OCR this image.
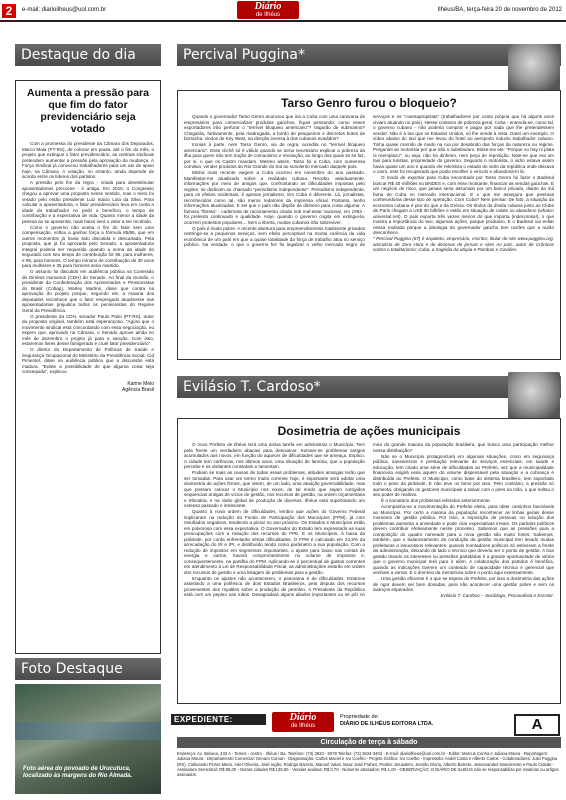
2	e-mail: diarioilheus@uol.com.br	Diário
de Ilhéus
Ilhéus/BA, terça-feira 20 de novembro de 2012
Destaque do dia
Aumenta a pressão para que fim do fator previdenciário seja votado

Com a promessa do presidente da Câmara dos Deputados, Marco Maia (PT-RS), de colocar em pauta, até o fim do mês, o projeto que extingue o fator previdenciário, as centrais sindicais pretendem aumentar a pressão pela aprovação da mudança. A Força Sindical já convocou trabalhadores para um ato de apoio hoje, na Câmara. A votação, no entanto, ainda depende de acordo entre os líderes dos partidos.

A pressão pelo fim da regra - criada para desestimular aposentadorias precoces - é antiga. Em 2010, o Congresso chegou a aprovar uma proposta nesse sentido, mas o texto foi vetado pelo então presidente Luiz Inácio Lula da Silva. Para calcular a aposentadoria, o fator previdenciário leva em conta a idade do trabalhador no pedir o benefício, o tempo de contribuição e a expectativa de vida. Quanto menor a idade da pessoa ao se aposentar, mais baixo será o valor a ser recebido.

Como o governo não aceita o fim do fator sem uma compensação, voltou a ganhar força a fórmula 85/95, que em outros momentos já havia sido discutida e descartada. Pela proposta, que já foi aprovada pelo Senado, a aposentadoria integral poderia ser requerida quando a soma da idade do segurado com seu tempo de contribuição for 85, para mulheres, e 95, para homens. O tempo mínimo de contribuição de 30 anos para mulheres e 35 para homens seria mantido.

O assunto foi discutido em audiência pública na Comissão de Direitos Humanos (CDH) do Senado. Ao final da reunião, o presidente da Confederação dos Aposentados e Pensionistas do Brasil (Cobap), Warley Martins, disse que contra na aprovação do projeto porque, segundo ele, a maioria dos deputados reconhece que o fator empregado atualmente nas aposentadorias prejudica todos os pensionistas do Regime Geral da Previdência.

O presidente da CDH, senador Paulo Paim (PT-RS), autor da proposta original, também está esperançoso. "Agora que o movimento sindical está concordando com essa negociação, eu espero que, aprovado na Câmara, o Senado aprove ainda no mês de dezembro o projeto já para a sanção. Com isso, estaremos livres desse famigerado e cruel fator previdenciário".

O diretor do Departamento de Políticas de Saúde e Segurança Ocupacional do Ministério da Previdência Social, Cid Pimentel, disse na audiência pública que a discussão está madura. "Existe a possibilidade de que alguma coisa seja consequida", explicou.

Karine Melo
Agência Brasil
Foto Destaque
Foto aérea do povoado de Urucutuca, localizado às margens do Rio Almada.
Percival Puggina*
Tarso Genro furou o bloqueio?

Quando o governador Tarso Genro anunciou que iria a Cuba com uma caravana de empresários para comercializar produtos gaúchos, fiquei pensando: como esses exportadores irão perfurar o "terrível bloqueio americano"? Vagarão de submarino? Chegarão, furtivamente, pela madrugada, a bordo de pesqueiros e discretos botes de borracha, vindos de Key West, na direção inversa à dos cubanos evadidos?

Ironias à parte, nem Tarso Genro, via de regra, acredita no "terrível bloqueio americano". Esse clichê só é válido quando se torna necessário explicar a pobreza da ilha para quem não tem noção de comunismo e revolução, ao longo dos quais só se faz, por si, o que os Castro mandam. Mesmo assim, Tarso foi a Cuba, com numerosa comitiva, vender produtos do Rio Grande do Sul ao sonolento mercado daquele país.

Minha mais recente viagem a Cuba ocorreu em novembro do ano passado. Manifestar-me atualizado sobre a realidade cubana. Recebo, assiduamente, informações por meio de amigos que, confrontando as dificuldades impostas pelo regime, se dedicam ao chamado "periodismo independente". Periodismo independente, para os efeitos ocidentais, é apenas jornalismo. Em Cuba é diferente. Lá, jornalistas, reconhecidos como tal, são meros redatores da imprensa oficial. Portanto, tenho informações atualizadas. E sei que o país não dispõe de dinheiro para coisa alguma. A famosa "libreta" - caderneta de racionamento criada sob mal-estar nacional, em 1963 - foi prelerdo continuado e qualidade. Hoje, quando o governo cogita em extingui-la, ocorrem protestos populares... Sem a libreta, muitos cubanos irão sobreviver.

O país é muito pobre. A recente abertura para empreendimentos totalmente privados restringe-se a pequenos serviços, sem efeito perceptível na monta carência da vida econômica de um país em que a quase totalidade da força de trabalho atua no serviço público. Na verdade, o que o governo fez foi legalizar o velho mercado negro de serviços e os "cuentapropistas" (trabalhadores por conta própria que há alguns anos viviam atuando no país). Nesse contexto de pobreza geral, Cuba - entenda-se, como tal, o governo cubano - não poderia comprar e pagar por nada que lhe pretendessem vender. Não é à toa que os Estados Unidos, só lhe vende à vista. Darei um exemplo. O vídeo abaixo do taxi que me levou do hotel ao aeroporto induziu trabalhador cubano. Tinha quase morrido de medo na rua por desabrido das forças da natureza ou regime. Perguntei ao motorista por que não o substituíam. Disse-me ele: "Porque no hay ni plata ni reemplazo", ou seja, não há dinheiro, nem peça de reposição. Note-se que era um taxi para turistas, propriedade do governo. Segundo o motorista, o vidro estava assim havia quase um ano e quando ele relembra o estado do vidro da república onde deixava o carro, este foi recuperado que podia recolher o veículo e abandoná-lo lá.

O modo de exportar para Cuba encontrado por Tarso Genro foi fazer o Badesul buscar R$ 40 milhões no BNDES e, com esse montante, financiar as vendas gaúchas. E um negócio de risco, que jamais seria assumido por um banco privado, diante da má fama de Cuba no mercado internacional. E o que me assegura que pessoas conhecedoras desse tipo de operação. Com Cuba? Nem pensar. De fato, a situação da economia cubana é pior do que a da Grécia. Os títulos da dívida cubana junto ao Clube de Paris chegam a US$ 30 bilhões e estão em situação de calote ou abandono (whatcn universal.net). O país exporta três vezes menos do que importa (indecorosa!), o que mostra a importância do seu, algumas ações, parque produtivo. E o Badesul vai enfiar nessa roubada porque a ideologia do governador gaúcho tem razões que a razão desconhece.

* Percival Puggina (67) é arquiteto, empresário, escritor, titular do site www.puggina.org, articulista de Zero Hora e de dezenas de jornais e sites no país, autor de Crônicas contra o totalitarismo; Cuba, a tragédia da utopia e Pombas e Gaviões.

Evilásio T. Cardoso*
Dosimetria de ações municipais

O novo Prefeito de Ilhéus terá uma árdua tarefa em administrar o Município. Tem pela frente um verdadeiro abacaxi para descascar. Somam-se problemas antigos acumulados aos novos, em função do aquecer de dificuldades que se ameaça. Explico. A cidade tem carências, nos últimos anos, uma situação de lamúria, que a população percebe e os visitantes constatam e lamentam.

Podiam se mais as causas de todas essas problemas, atitudes amargas terão que ser tomadas. Para usar um termo muito corrente hoje, é importante será adotar uma dosimetria de ações firmes, que visem, de um lado, uma atuação governabilidade, mas que possam colocar o Município nos eixos, de tal modo que sejam corrigidos seqüencias antigas de vícios de gestão, nos recursos de gestão, na ordem orçamentária e tributária, e na visão global de produção de diversos. Ilhéus está superlotando um extenso passado e irrelevante.

Quanto à nova ordem de dificuldades, lembro que ações do Governo Federal implicaram na redução do Fundo de Participação dos Municípios (FPM), já com resultados negativos, tendendo a piorar no ano próximo. Os Estados e Municípios estão em polvorosa com essa expectativa. O Governador do Estado tem expressado as suas preocupações com a redução dos recursos do FPE. E os Municípios, à baixa da pirâmide, por conta enfrentarão sérias dificuldades. O FPM é calculado em 22,5% da arrecadação do IR e IPI, e distribuído tendo como parâmetro a sua população. Com a redução de impostos em segmentos importantes, o ajuste para baixo nas contas de energia e outros, haverá comprometimento no volume de impostos e, consequentemente, na partilha do FPM. Aplicando-se o percentual de gastos correntes em atendimento à Lei de Responsabilidade Fiscal, as administrações estarão em ordem dos recursos de gestão e uma listagem de problemas para a gestão.

Enquanto os ajustes não acontecerem, o panorama é de dificuldades. Estamos assistindo a uma polêmica de dois Estados Brasileiros, pela disputa dos recursos provenientes dos royalties sobre a produção de petróleo. A Presidente da República está com um pepino nas mãos. Desagradará alguns aliados importantes ou se pôr no mira do grande maioria da população brasileira, que busca uma participação melhor nessa distribuição?

Não se o Município protagonizará em algumas situações, como em segurança pública, saneamento e prestação relevante de serviços essenciais, em saúde e educação, tem criado uma série de dificuldades ao Prefeito, vez que a municipalidade financeira exigirá essa aquém do volume dispensável pela situação e a cobrança é distribuída ao Prefeito. O Município, como base do sistema brasileiro, tem suportado todo o peso da pirâmide. E não teve os bens por isso. Pelo contrário, a pressão só aumenta, obrigando os gestores municipais a salvar com o pires na mão, o que soltou o seu poder de realizar.

É o somatório dos problemas referidos anteriormente.

Acompanha-se a movimentação do Prefeito eleito, para obter caminhos favoráveis ao Município. Por certo a maioria da população reconhecer as linhas gerais desse momento de gestão pública. Por isso, a imposição de pessoas na solução dos problemas aumenta a ansiedade e pode criar expectativas irreais. Os partidos políticos devem contribuir efetivamente nesse processo. Sabemos que as pressões para a composição do quadro nomeado para a nova gestão são muito fortes. Sabemos, também, que o balanceamento da condução da gestão municipal tem levado muitas prefeituras a insucessos relevantes, quando montadores políticos só estiveram a frente da administração, deixando de lado o técnico que deveria ser o ponto de gestão. A boa gestão tirando os interesses ou pressões partidárias é a grande oportunidade de vitória que o governo municipal terá para ir além. A colaboração dos partidos é benéfica, quando as indicações tiverem um conteúdo de capacidade técnica e gerencial que venham a somar. E o domínio da mentorosa sobre o ponto aqui extensamente.

Uma gestão eficiente é o que se espera do Prefeito, por isso a dosimetria das ações de rigor devem ser bem dosadas, para não acontecer uma gestão pobre e sem os avanços esperados.

Evilásio T. Cardoso – Sociólogo, Psicanalista e Escritor.

EXPEDIENTE:	Diário
de Ilhéus
Propriedade de:
DIÁRIO DE ILHÉUS EDITORA LTDA.	A
Circulação de terça à sábado
Endereço: Av. Itabuna, 433 A - Temos - centro - Ilhéus / Ba. Telefone: (73) 3633 - 5078 Telefax: (73) 3634-3404 - E-mail: diarioilheus@uol.com.br - Editor: Marcus Cunha e Juliana Moura - Repórtagem: Juliana Moura - Departamento Comercial: Genaro Cuman - Diagramação: Carlos Maciel e Ivo Coelho - Projeto Gráfico: Ivo Coelho - Impressão: Andel Costa e Alberto Carlos - Colaboradores: Julio Puggina (RS), Cultivando Flores Mano, Ader Oliveira, José Iegão, Rodrigo Barreto, Manoel Valuti, Isaac José Frahes, Pedrini Jerusalem, Jervião Gloria, Alberto Barreto, Jesusnandes Nascimento e Paulo Cidade - Assinatura Semestral: R$ 85,00 - Outras cidades R$ 135,00 - Vendas avulsas: R$ 0,70 - Números atrasados: R$ 1,00 - OBSERVAÇÃO: O DIÁRIO DE ILHÉUS não se responsabiliza por matérias ou artigos assinados.
